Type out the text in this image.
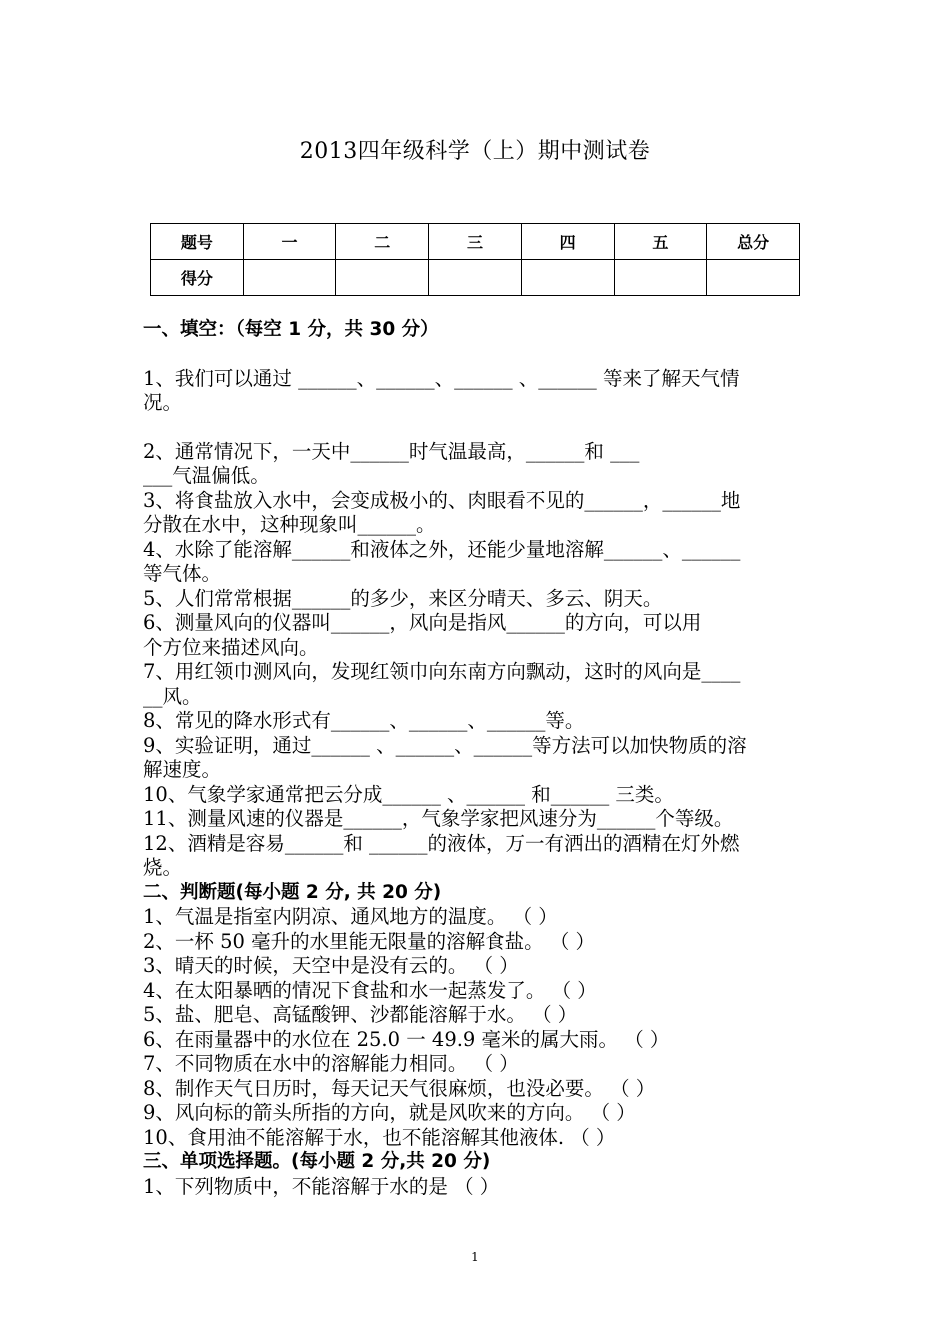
2013四年级科学（上）期中测试卷
题号	一	二	三	四	五	总分
得分						
一、填空：（每空 1 分，共 30 分）
1、我们可以通过 ______、______、______ 、______ 等来了解天气情
况。
2、通常情况下，一天中______时气温最高，______和 ___
___气温偏低。
3、将食盐放入水中，会变成极小的、肉眼看不见的______，______地
分散在水中，这种现象叫______。
4、水除了能溶解______和液体之外，还能少量地溶解______、______
等气体。
5、人们常常根据______的多少，来区分晴天、多云、阴天。
6、测量风向的仪器叫______，风向是指风______的方向，可以用
个方位来描述风向。
7、用红领巾测风向，发现红领巾向东南方向飘动，这时的风向是____
__风。
8、常见的降水形式有______、______、______等。
9、实验证明，通过______ 、______、______等方法可以加快物质的溶
解速度。
10、气象学家通常把云分成______ 、______ 和______ 三类。
11、测量风速的仪器是______，气象学家把风速分为______个等级。
12、酒精是容易______和 ______的液体，万一有洒出的酒精在灯外燃
烧。
二、判断题(每小题 2 分, 共 20 分)
1、气温是指室内阴凉、通风地方的温度。 （ ）
2、一杯 50 毫升的水里能无限量的溶解食盐。 （ ）
3、晴天的时候，天空中是没有云的。 （ ）
4、在太阳暴晒的情况下食盐和水一起蒸发了。 （ ）
5、盐、肥皂、高锰酸钾、沙都能溶解于水。 （ ）
6、在雨量器中的水位在 25.0 一 49.9 毫米的属大雨。 （ ）
7、不同物质在水中的溶解能力相同。 （ ）
8、制作天气日历时，每天记天气很麻烦，也没必要。 （ ）
9、风向标的箭头所指的方向，就是风吹来的方向。 （ ）
10、食用油不能溶解于水，也不能溶解其他液体. （ ）
三、单项选择题。(每小题 2 分,共 20 分)
1、下列物质中，不能溶解于水的是 （ ）
1
